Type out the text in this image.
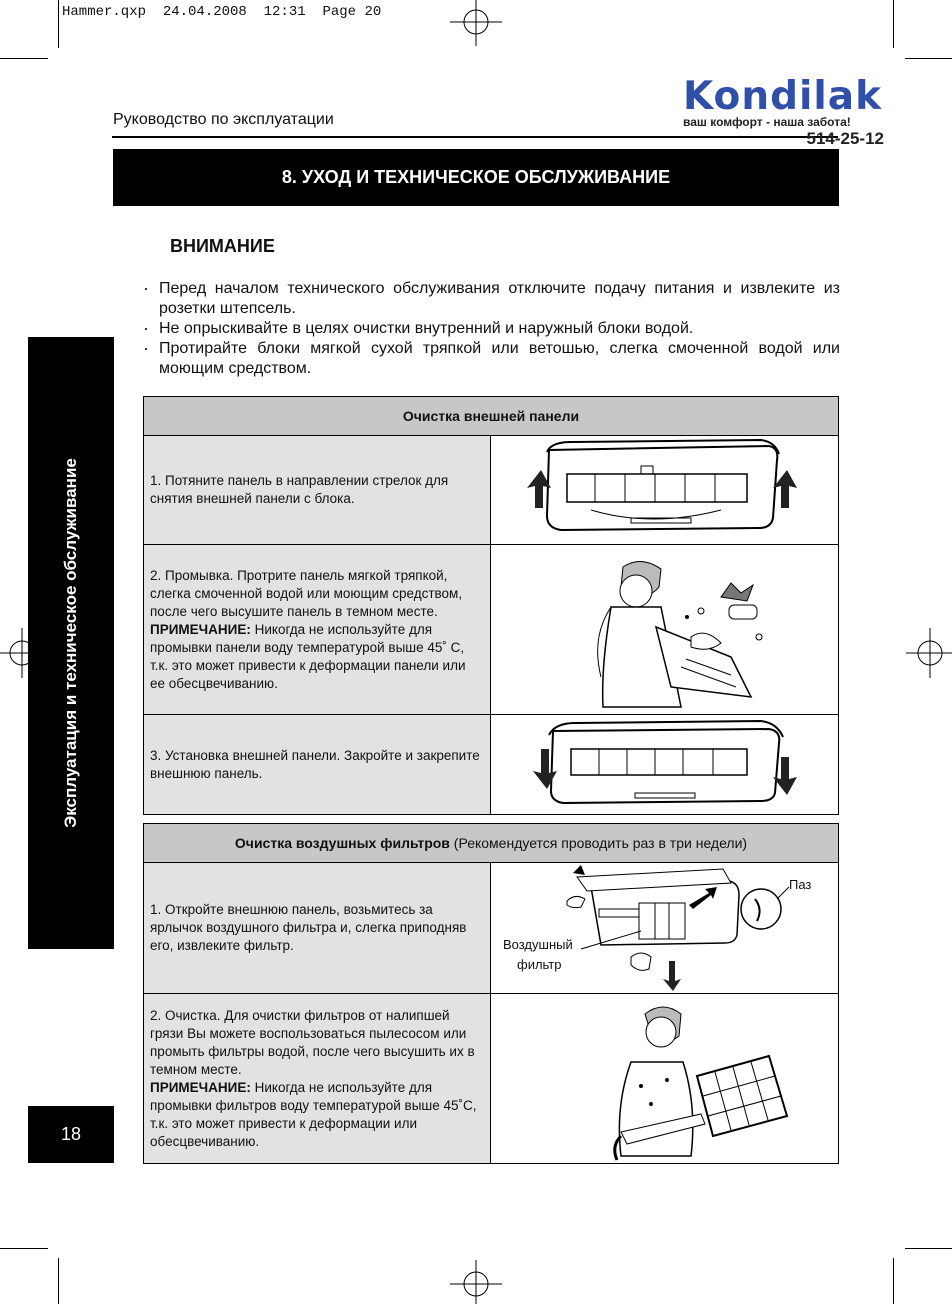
Hammer.qxp  24.04.2008  12:31  Page 20
Руководство по эксплуатации
Kondilak
ваш комфорт - наша забота!
514-25-12
8. УХОД И ТЕХНИЧЕСКОЕ ОБСЛУЖИВАНИЕ
ВНИМАНИЕ
· Перед началом технического обслуживания отключите подачу питания и извлеките из розетки штепсель.
· Не опрыскивайте в целях очистки внутренний и наружный блоки водой.
· Протирайте блоки мягкой сухой тряпкой или ветошью, слегка смоченной водой или моющим средством.
Эксплуатация и техническое обслуживание
18
Очистка внешней панели	
1. Потяните панель в направлении стрелок для снятия внешней панели с блока.	

2. Промывка. Протрите панель мягкой тряпкой, слегка смоченной водой или моющим средством, после чего высушите панель в темном месте.
ПРИМЕЧАНИЕ: Никогда не используйте для промывки панели воду температурой выше 45˚ C, т.к. это может привести к деформации панели или ее обесцвечиванию.	

3. Установка внешней панели. Закройте и закрепите внешнюю панель.	
Очистка воздушных фильтров (Рекомендуется проводить раз в три недели)	
1. Откройте внешнюю панель, возьмитесь за ярлычок воздушного фильтра и, слегка приподняв его, извлеките фильтр.	Паз
Воздушный
фильтр

2. Очистка. Для очистки фильтров от налипшей грязи Вы можете воспользоваться пылесосом или промыть фильтры водой, после чего высушить их в темном месте.
ПРИМЕЧАНИЕ: Никогда не используйте для промывки фильтров воду температурой выше 45˚C, т.к. это может привести к деформации или обесцвечиванию.	
